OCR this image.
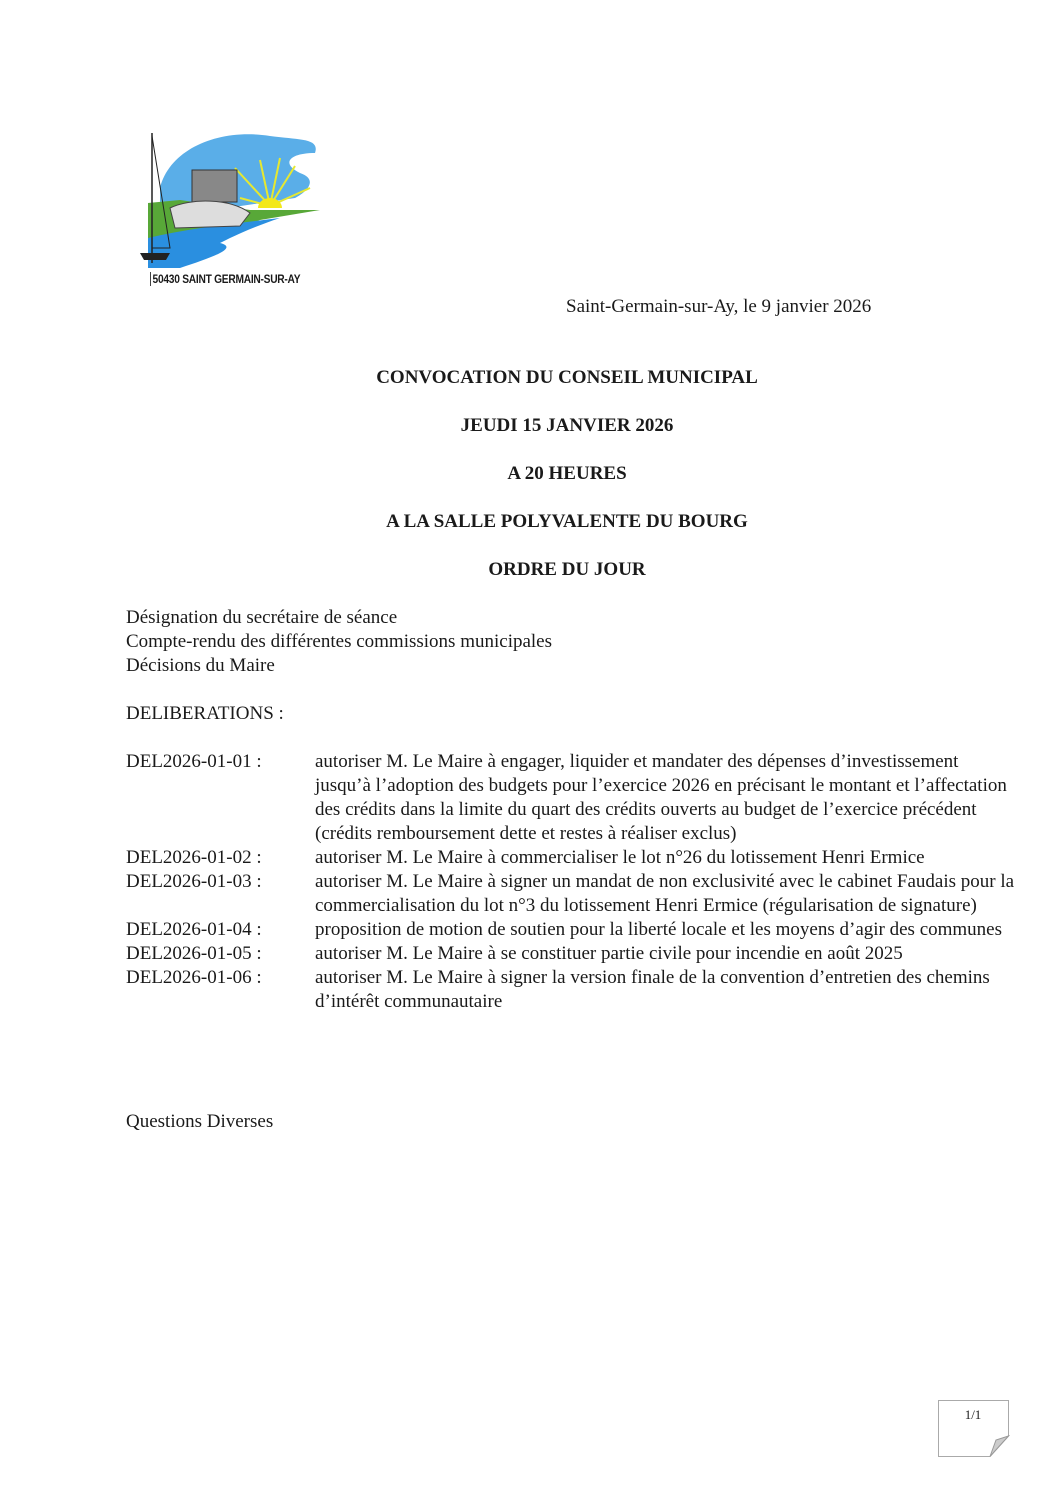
50430 SAINT GERMAIN-SUR-AY
Saint-Germain-sur-Ay, le 9 janvier 2026
CONVOCATION DU CONSEIL MUNICIPAL
JEUDI 15 JANVIER 2026
A 20 HEURES
A LA SALLE POLYVALENTE DU BOURG
ORDRE DU JOUR
Désignation du secrétaire de séance
Compte-rendu des différentes commissions municipales
Décisions du Maire
DELIBERATIONS :
DEL2026-01-01 :	autoriser M. Le Maire à engager, liquider et mandater des dépenses d’investissement jusqu’à l’adoption des budgets pour l’exercice 2026 en précisant le montant et l’affectation des crédits dans la limite du quart des crédits ouverts au budget de l’exercice précédent (crédits remboursement dette et restes à réaliser exclus)
DEL2026-01-02 :	autoriser M. Le Maire à commercialiser le lot n°26 du lotissement Henri Ermice
DEL2026-01-03 :	autoriser M. Le Maire à signer un mandat de non exclusivité avec le cabinet Faudais pour la commercialisation du lot n°3 du lotissement Henri Ermice (régularisation de signature)
DEL2026-01-04 :	proposition de motion de soutien pour la liberté locale et les moyens d’agir des communes
DEL2026-01-05 :	autoriser M. Le Maire à se constituer partie civile pour incendie en août 2025
DEL2026-01-06 :	autoriser M. Le Maire à signer la version finale de la convention d’entretien des chemins d’intérêt communautaire
Questions Diverses
1/1
